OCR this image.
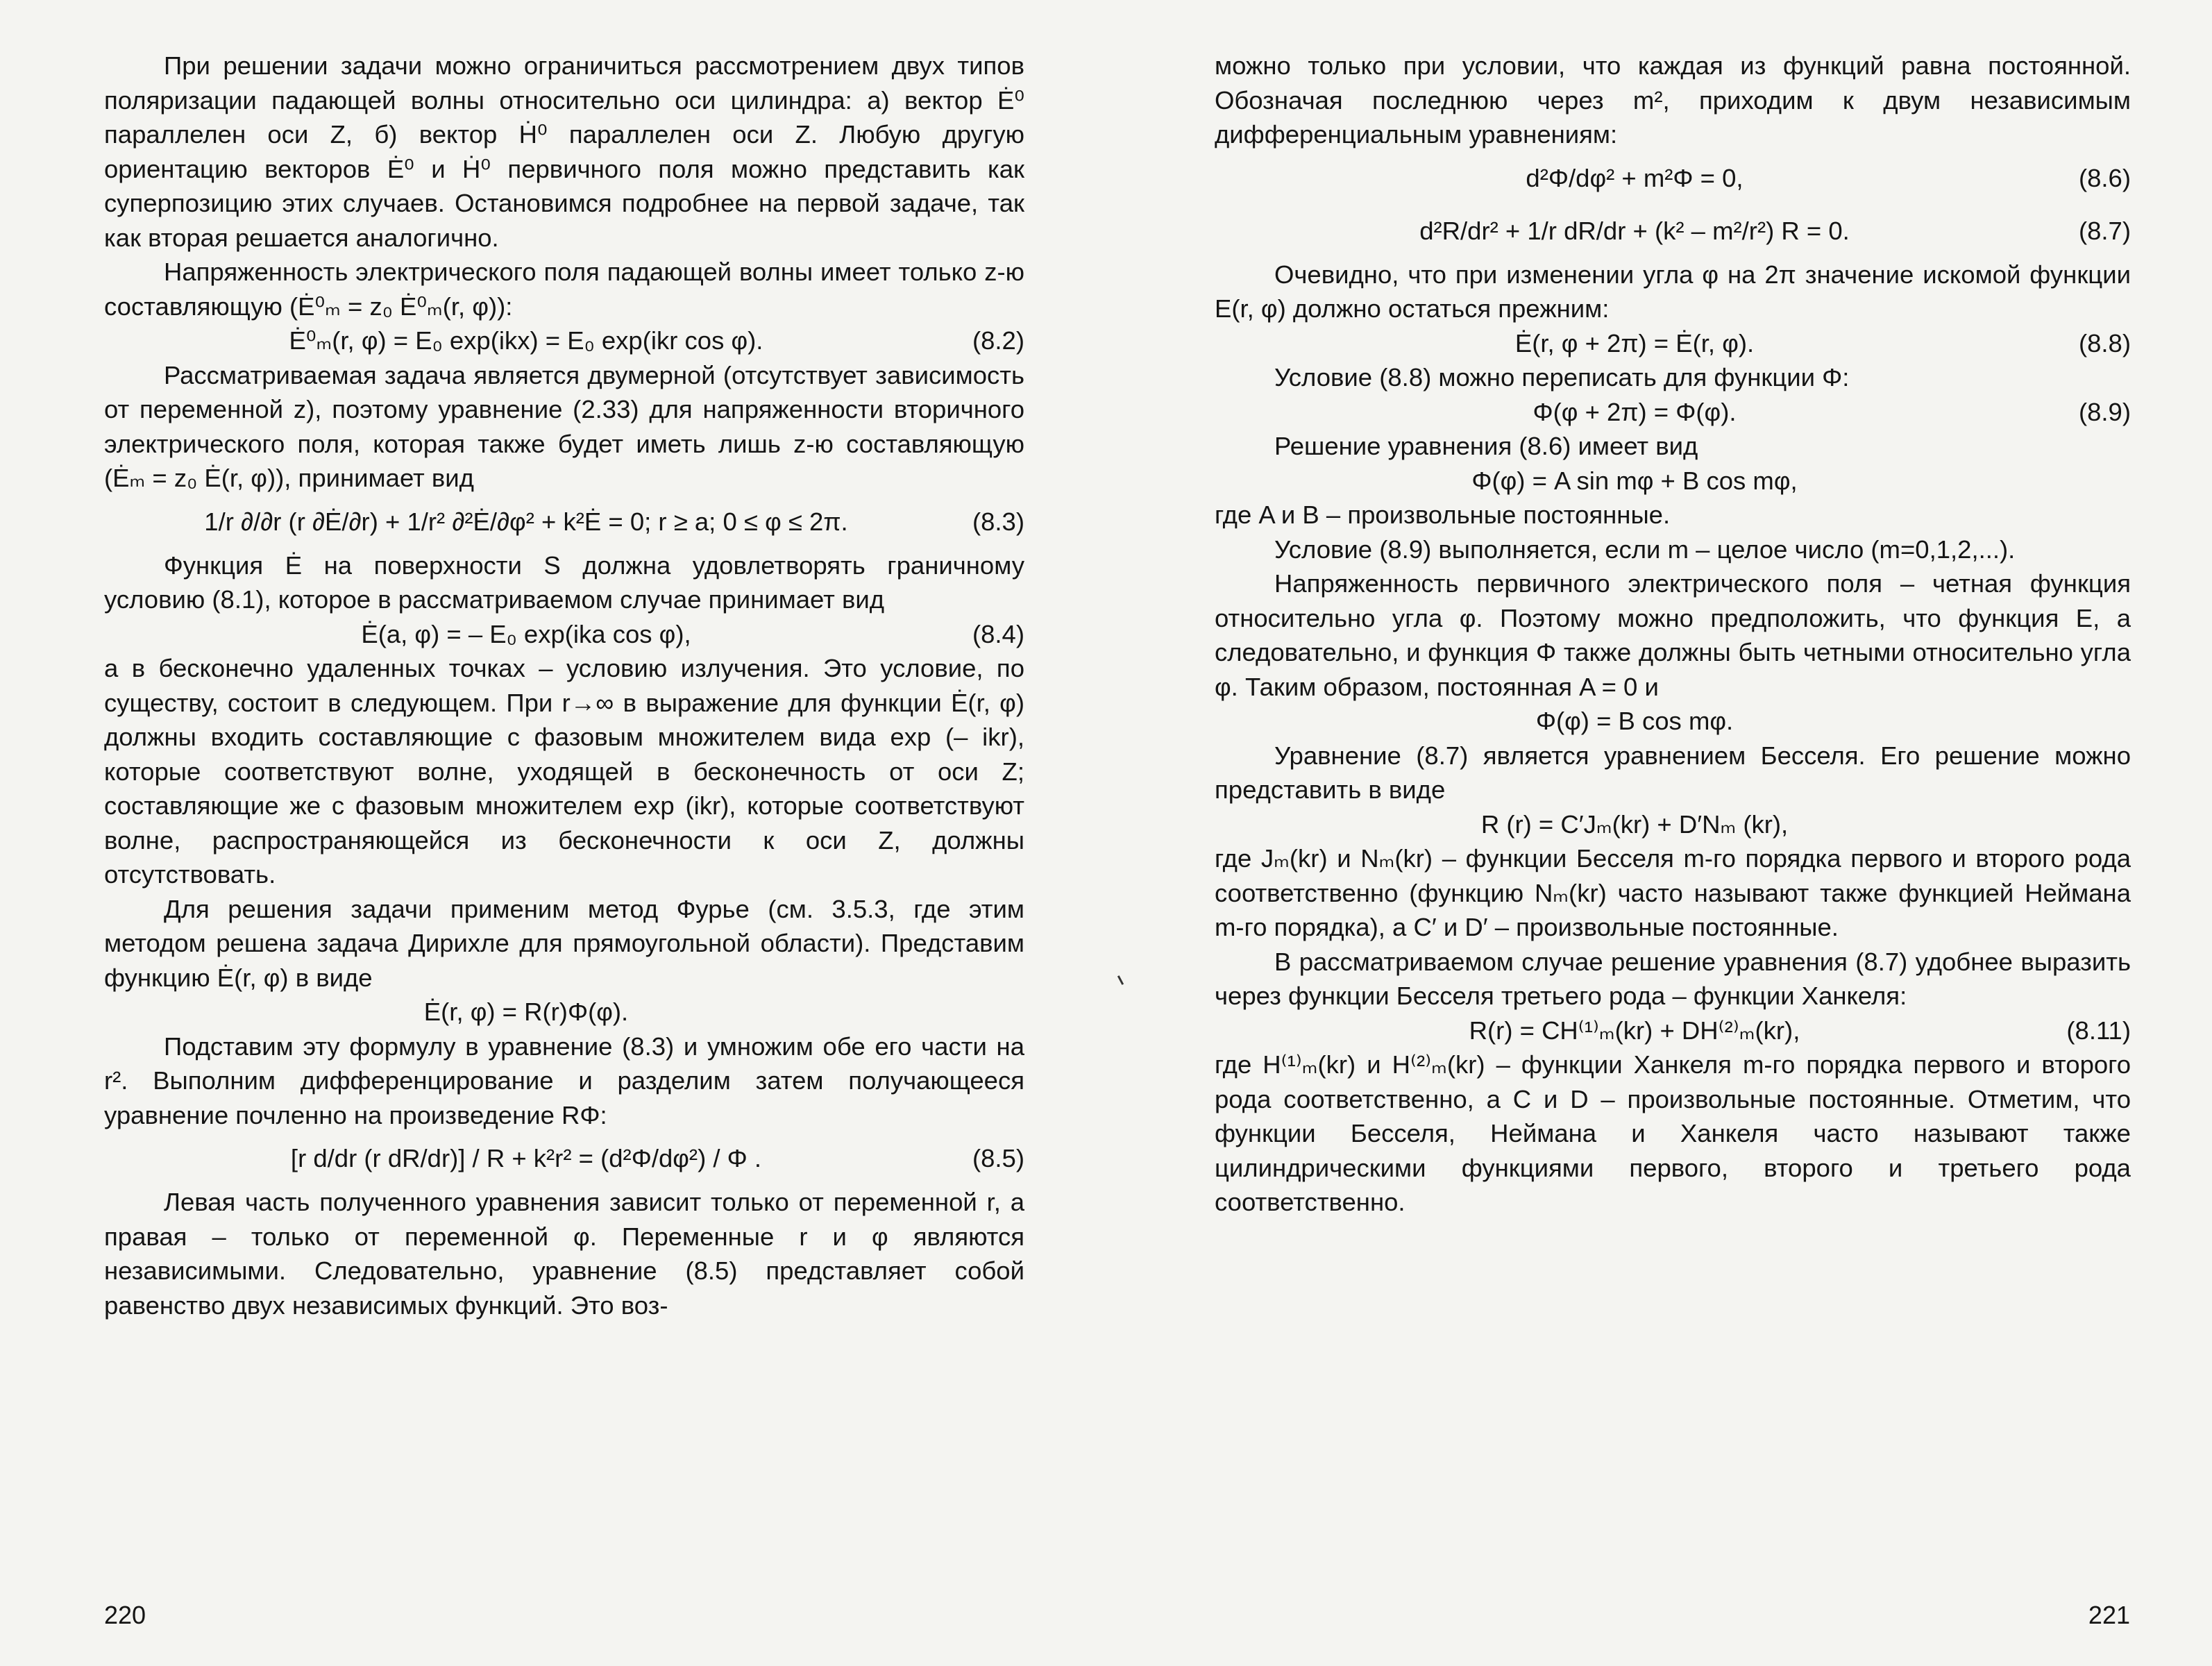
При решении задачи можно ограничиться рассмотрением двух типов поляризации падающей волны относительно оси цилиндра: а) вектор Ė⁰ параллелен оси Z, б) вектор Ḣ⁰ параллелен оси Z. Любую другую ориентацию векторов Ė⁰ и Ḣ⁰ первичного поля можно представить как суперпозицию этих случаев. Остановимся подробнее на первой задаче, так как вторая решается аналогично.

Напряженность электрического поля падающей волны имеет только z-ю составляющую (Ė⁰ₘ = z₀ Ė⁰ₘ(r, φ)):

Ė⁰ₘ(r, φ) = E₀ exp(ikx) = E₀ exp(ikr cos φ).	(8.2)

Рассматриваемая задача является двумерной (отсутствует зависимость от переменной z), поэтому уравнение (2.33) для напряженности вторичного электрического поля, которая также будет иметь лишь z-ю составляющую (Ėₘ = z₀ Ė(r, φ)), принимает вид

1/r ∂/∂r (r ∂Ė/∂r) + 1/r² ∂²Ė/∂φ² + k²Ė = 0; r ≥ a; 0 ≤ φ ≤ 2π.	(8.3)

Функция Ė на поверхности S должна удовлетворять граничному условию (8.1), которое в рассматриваемом случае принимает вид

Ė(a, φ) = – E₀ exp(ika cos φ),	(8.4)

а в бесконечно удаленных точках – условию излучения. Это условие, по существу, состоит в следующем. При r→∞ в выражение для функции Ė(r, φ) должны входить составляющие с фазовым множителем вида exp (– ikr), которые соответствуют волне, уходящей в бесконечность от оси Z; составляющие же с фазовым множителем exp (ikr), которые соответствуют волне, распространяющейся из бесконечности к оси Z, должны отсутствовать.

Для решения задачи применим метод Фурье (см. 3.5.3, где этим методом решена задача Дирихле для прямоугольной области). Представим функцию Ė(r, φ) в виде

Ė(r, φ) = R(r)Φ(φ).

Подставим эту формулу в уравнение (8.3) и умножим обе его части на r². Выполним дифференцирование и разделим затем получающееся уравнение почленно на произведение RΦ:

[r d/dr (r dR/dr)] / R + k²r² = (d²Φ/dφ²) / Φ .	(8.5)

Левая часть полученного уравнения зависит только от переменной r, а правая – только от переменной φ. Переменные r и φ являются независимыми. Следовательно, уравнение (8.5) представляет собой равенство двух независимых функций. Это воз-

220

можно только при условии, что каждая из функций равна постоянной. Обозначая последнюю через m², приходим к двум независимым дифференциальным уравнениям:

d²Φ/dφ² + m²Φ = 0,	(8.6)
d²R/dr² + 1/r dR/dr + (k² – m²/r²) R = 0.	(8.7)

Очевидно, что при изменении угла φ на 2π значение искомой функции E(r, φ) должно остаться прежним:

Ė(r, φ + 2π) = Ė(r, φ).	(8.8)

Условие (8.8) можно переписать для функции Φ:

Φ(φ + 2π) = Φ(φ).	(8.9)

Решение уравнения (8.6) имеет вид

Φ(φ) = A sin mφ + B cos mφ,

где A и B – произвольные постоянные.

Условие (8.9) выполняется, если m – целое число (m=0,1,2,...).

Напряженность первичного электрического поля – четная функция относительно угла φ. Поэтому можно предположить, что функция E, а следовательно, и функция Φ также должны быть четными относительно угла φ. Таким образом, постоянная A = 0 и

Φ(φ) = B cos mφ.

Уравнение (8.7) является уравнением Бесселя. Его решение можно представить в виде

R (r) = C′Jₘ(kr) + D′Nₘ (kr),

где Jₘ(kr) и Nₘ(kr) – функции Бесселя m-го порядка первого и второго рода соответственно (функцию Nₘ(kr) часто называют также функцией Неймана m-го порядка), а C′ и D′ – произвольные постоянные.

В рассматриваемом случае решение уравнения (8.7) удобнее выразить через функции Бесселя третьего рода – функции Ханкеля:

R(r) = CH⁽¹⁾ₘ(kr) + DH⁽²⁾ₘ(kr),	(8.11)

где H⁽¹⁾ₘ(kr) и H⁽²⁾ₘ(kr) – функции Ханкеля m-го порядка первого и второго рода соответственно, а C и D – произвольные постоянные. Отметим, что функции Бесселя, Неймана и Ханкеля часто называют также цилиндрическими функциями первого, второго и третьего рода соответственно.

221
